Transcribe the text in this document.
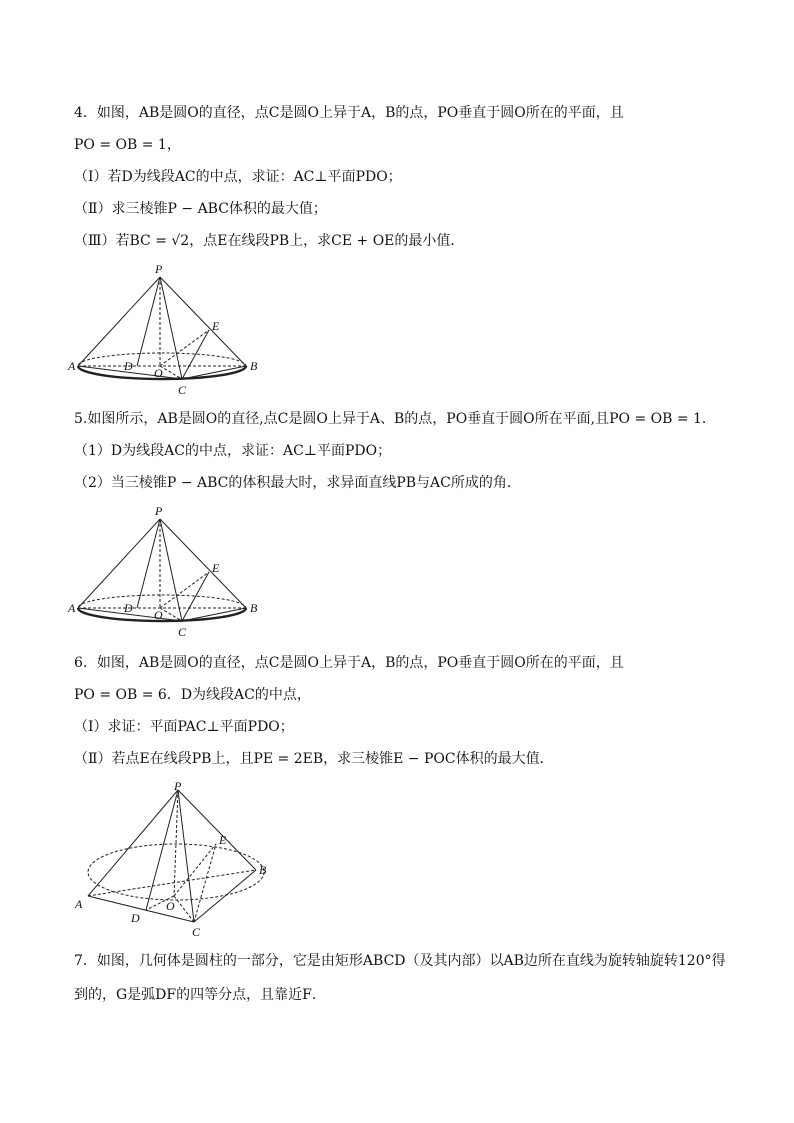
4．如图，AB是圆O的直径，点C是圆O上异于A，B的点，PO垂直于圆O所在的平面，且
PO = OB = 1，
（Ⅰ）若D为线段AC的中点，求证：AC⊥平面PDO；
（Ⅱ）求三棱锥P − ABC体积的最大值；
（Ⅲ）若BC = √2，点E在线段PB上，求CE + OE的最小值．
P
E
A	D O	B
C
5.如图所示，AB是圆O的直径,点C是圆O上异于A、B的点，PO垂直于圆O所在平面,且PO = OB = 1．
（1）D为线段AC的中点，求证：AC⊥平面PDO；
（2）当三棱锥P − ABC的体积最大时，求异面直线PB与AC所成的角．
P
E
A	D O	B
C
6．如图，AB是圆O的直径，点C是圆O上异于A，B的点，PO垂直于圆O所在的平面，且
PO = OB = 6．D为线段AC的中点，
（Ⅰ）求证：平面PAC⊥平面PDO；
（Ⅱ）若点E在线段PB上，且PE = 2EB，求三棱锥E − POC体积的最大值．
P
E
A	O
B
D
C
7．如图，几何体是圆柱的一部分，它是由矩形ABCD（及其内部）以AB边所在直线为旋转轴旋转120°得
到的，G是弧DF的四等分点，且靠近F．
